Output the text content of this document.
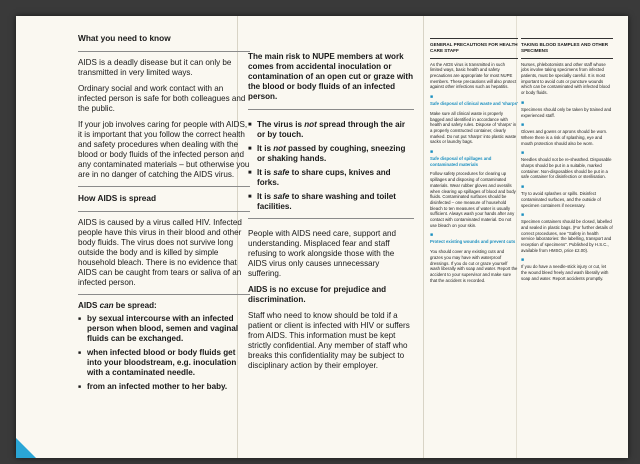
What you need to know

AIDS is a deadly disease but it can only be transmitted in very limited ways.

Ordinary social and work contact with an infected person is safe for both colleagues and the public.

If your job involves caring for people with AIDS, it is important that you follow the correct health and safety procedures when dealing with the blood or body fluids of the infected person and any contaminated materials – but otherwise you are in no danger of catching the AIDS virus.

How AIDS is spread

AIDS is caused by a virus called HIV. Infected people have this virus in their blood and other body fluids. The virus does not survive long outside the body and is killed by simple household bleach. There is no evidence that AIDS can be caught from tears or saliva of an infected person.

AIDS can be spread:

■ by sexual intercourse with an infected person when blood, semen and vaginal fluids can be exchanged.
■ when infected blood or body fluids get into your bloodstream, e.g. inoculation with a contaminated needle.
■ from an infected mother to her baby.

The main risk to NUPE members at work comes from accidental inoculation or contamination of an open cut or graze with the blood or body fluids of an infected person.

■ The virus is not spread through the air or by touch.
■ It is not passed by coughing, sneezing or shaking hands.
■ It is safe to share cups, knives and forks.
■ It is safe to share washing and toilet facilities.

People with AIDS need care, support and understanding. Misplaced fear and staff refusing to work alongside those with the AIDS virus only causes unnecessary suffering.

AIDS is no excuse for prejudice and discrimination.

Staff who need to know should be told if a patient or client is infected with HIV or suffers from AIDS. This information must be kept strictly confidential. Any member of staff who breaks this confidentiality may be subject to disciplinary action by their employer.

GENERAL PRECAUTIONS FOR HEALTH CARE STAFF

As the AIDS virus is transmitted in such limited ways, basic health and safety precautions are appropriate for most NUPE members. These precautions will also protect against other infections such as hepatitis.

■

Safe disposal of clinical waste and 'sharps'

Make sure all clinical waste is properly bagged and identified in accordance with health and safety rules. Dispose of 'sharps' in a properly constructed container, clearly marked. Do not put 'sharps' into plastic waste sacks or laundry bags.

■

Safe disposal of spillages and contaminated materials

Follow safety procedures for clearing up spillages and disposing of contaminated materials. Wear rubber gloves and overalls when clearing up spillages of blood and body fluids. Contaminated surfaces should be disinfected – one measure of household bleach to ten measures of water is usually sufficient. Always wash your hands after any contact with contaminated material. Do not use bleach on your skin.

■

Protect existing wounds and prevent cuts

You should cover any existing cuts and grazes you may have with waterproof dressings. If you do cut or graze yourself wash liberally with soap and water. Report the accident to your supervisor and make sure that the accident is recorded.

TAKING BLOOD SAMPLES AND OTHER SPECIMENS

Nurses, phlebotomists and other staff whose jobs involve taking specimens from infected patients, must be specially careful. It is most important to avoid cuts or puncture wounds which can be contaminated with infected blood or body fluids.

■

Specimens should only be taken by trained and experienced staff.

■

Gloves and gowns or aprons should be worn. Where there is a risk of splashing, eye and mouth protection should also be worn.

■

Needles should not be re-sheathed. Disposable sharps should be put in a suitable, marked container. Non-disposables should be put in a safe container for disinfection or sterilisation.

■

Try to avoid splashes or spills. Disinfect contaminated surfaces, and the outside of specimen containers if necessary.

■

Specimen containers should be closed, labelled and sealed in plastic bags. (For further details of correct procedures, see "Safety in health service laboratories: the labelling, transport and reception of specimens". Published by H.S.C., available from HMSO, price £2.00).

■

If you do have a needle-stick injury or cut, let the wound bleed freely and wash liberally with soap and water. Report accidents promptly.
